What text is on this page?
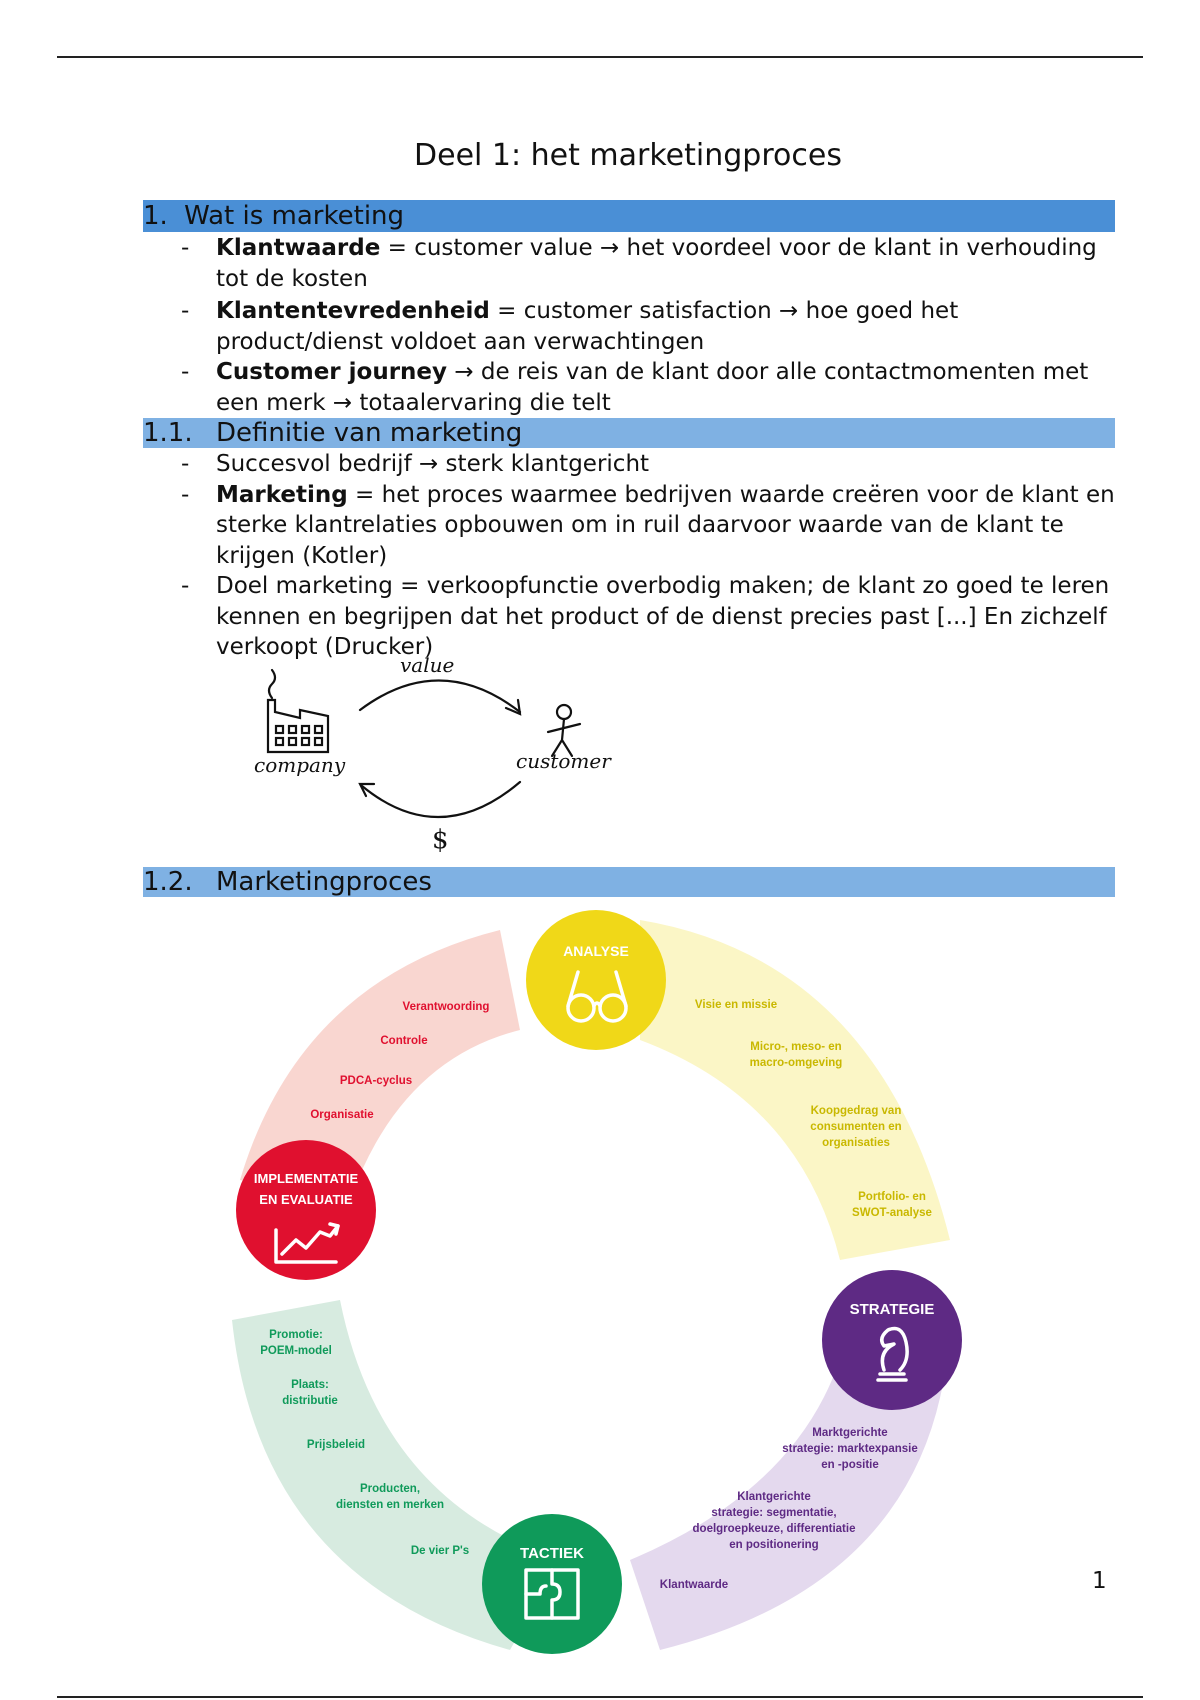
Deel 1: het marketingproces
1. Wat is marketing
- Klantwaarde = customer value → het voordeel voor de klant in verhouding tot de kosten
- Klantentevredenheid = customer satisfaction → hoe goed het product/dienst voldoet aan verwachtingen
- Customer journey → de reis van de klant door alle contactmomenten met een merk → totaalervaring die telt
1.1. Definitie van marketing
- Succesvol bedrijf → sterk klantgericht
- Marketing = het proces waarmee bedrijven waarde creëren voor de klant en sterke klantrelaties opbouwen om in ruil daarvoor waarde van de klant te krijgen (Kotler)
- Doel marketing = verkoopfunctie overbodig maken; de klant zo goed te leren kennen en begrijpen dat het product of de dienst precies past [...] En zichzelf verkoopt (Drucker)
value
company	customer
$
1.2. Marketingproces
ANALYSE
STRATEGIE
TACTIEK
IMPLEMENTATIE
EN EVALUATIE
Visie en missie
Micro-, meso- en
macro-omgeving
Koopgedrag van
consumenten en
organisaties
Portfolio- en
SWOT-analyse
Marktgerichte
strategie: marktexpansie
en -positie
Klantgerichte
strategie: segmentatie,
doelgroepkeuze, differentiatie
en positionering
Klantwaarde
Promotie:
POEM-model
Plaats:
distributie
Prijsbeleid
Producten,
diensten en merken
De vier P's
Verantwoording
Controle
PDCA-cyclus
Organisatie
1
